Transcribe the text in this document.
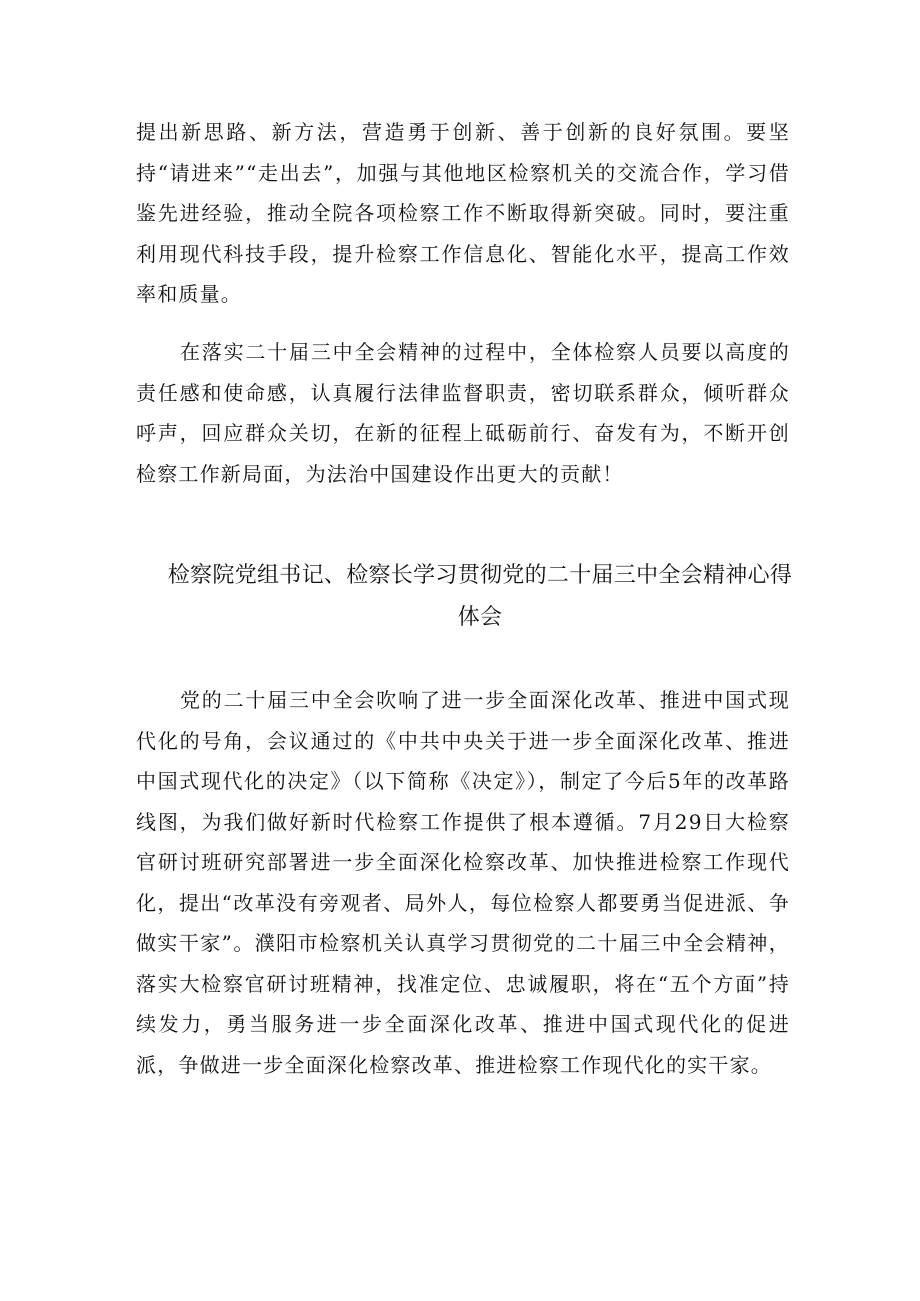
提出新思路、新方法，营造勇于创新、善于创新的良好氛围。要坚持“请进来”“走出去”，加强与其他地区检察机关的交流合作，学习借鉴先进经验，推动全院各项检察工作不断取得新突破。同时，要注重利用现代科技手段，提升检察工作信息化、智能化水平，提高工作效率和质量。

在落实二十届三中全会精神的过程中，全体检察人员要以高度的责任感和使命感，认真履行法律监督职责，密切联系群众，倾听群众呼声，回应群众关切，在新的征程上砥砺前行、奋发有为，不断开创检察工作新局面，为法治中国建设作出更大的贡献！

检察院党组书记、检察长学习贯彻党的二十届三中全会精神心得体会

党的二十届三中全会吹响了进一步全面深化改革、推进中国式现代化的号角，会议通过的《中共中央关于进一步全面深化改革、推进中国式现代化的决定》（以下简称《决定》），制定了今后5年的改革路线图，为我们做好新时代检察工作提供了根本遵循。7月29日大检察官研讨班研究部署进一步全面深化检察改革、加快推进检察工作现代化，提出“改革没有旁观者、局外人，每位检察人都要勇当促进派、争做实干家”。濮阳市检察机关认真学习贯彻党的二十届三中全会精神，落实大检察官研讨班精神，找准定位、忠诚履职，将在“五个方面”持续发力，勇当服务进一步全面深化改革、推进中国式现代化的促进派，争做进一步全面深化检察改革、推进检察工作现代化的实干家。
